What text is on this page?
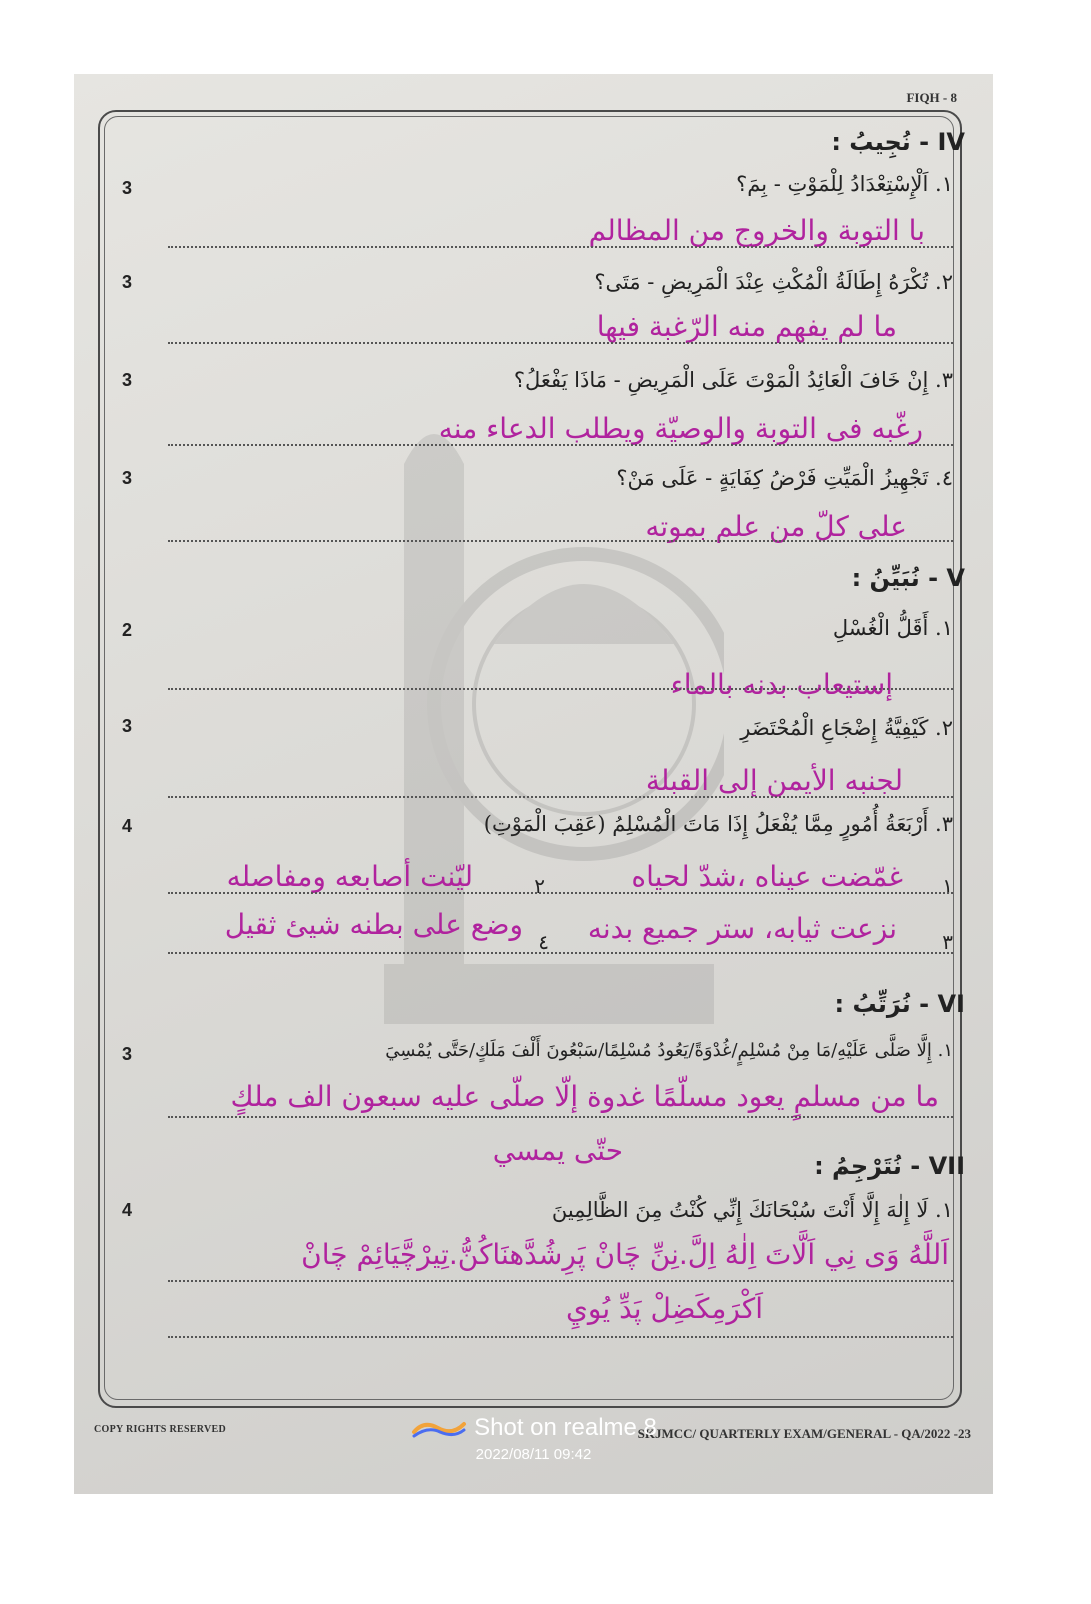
FIQH - 8
IV - نُجِيبُ :
3	١. اَلْإِسْتِعْدَادُ لِلْمَوْتِ - بِمَ؟
با التوبة والخروج من المظالم
3	٢. تُكْرَهُ إِطَالَةُ الْمُكْثِ عِنْدَ الْمَرِيضِ - مَتَى؟
ما لم يفهم منه الرّغبة فيها
3	٣. إِنْ خَافَ الْعَائِدُ الْمَوْتَ عَلَى الْمَرِيضِ - مَاذَا يَفْعَلُ؟
رغّبه فى التوبة والوصيّة ويطلب الدعاء منه
3	٤. تَجْهِيزُ الْمَيِّتِ فَرْضُ كِفَايَةٍ - عَلَى مَنْ؟
على كلّ من علم بموته
V - نُبَيِّنُ :
2	١. أَقَلُّ الْغُسْلِ
إستيعاب بدنه بالماء
3	٢. كَيْفِيَّةُ إِضْجَاعِ الْمُحْتَضَرِ
لجنبه الأيمن إلى القبلة
4	٣. أَرْبَعَةُ أُمُورٍ مِمَّا يُفْعَلُ إِذَا مَاتَ الْمُسْلِمُ (عَقِبَ الْمَوْتِ)
١
غمّضت عيناه ،شدّ لحياه
٢
ليّنت أصابعه ومفاصله
٣
نزعت ثيابه، ستر جميع بدنه
٤
وضع على بطنه شيئ ثقيل
VI - نُرَتِّبُ :
3	١. إِلَّا صَلَّى عَلَيْهِ/مَا مِنْ مُسْلِمٍ/غُدْوَةً/يَعُودُ مُسْلِمًا/سَبْعُونَ أَلْفَ مَلَكٍ/حَتَّى يُمْسِيَ
ما من مسلمٍ يعود مسلّمًا غدوة إلّا صلّى عليه سبعون الف ملكٍ
حتّى يمسي	VII - نُتَرْجِمُ :
4	١. لَا إِلٰهَ إِلَّا أَنْتَ سُبْحَانَكَ إِنِّي كُنْتُ مِنَ الظَّالِمِينَ
اَللَّهُ وَى نِي اَلَّاتَ اِلٰهُ اِلَّ.نِنِّ چَانْ پَرِشُدَّهنَاکُنُّ.تِيرْچَّيَائِمْ چَانْ
اَكْرَمِكَضِلْ پَدِّ يُويِ
COPY RIGHTS RESERVED	SKJMCC/ QUARTERLY EXAM/GENERAL - QA/2022 -23
Shot on realme 8
2022/08/11 09:42
